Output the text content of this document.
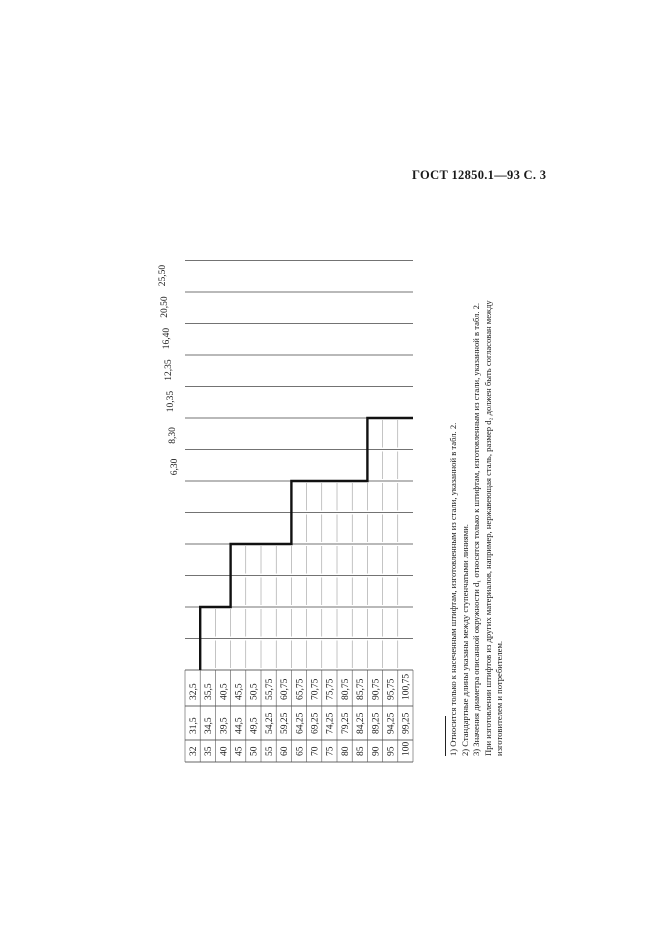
ГОСТ 12850.1—93 С. 3
32
31,5
32,5
35
34,5
35,5
40
39,5
40,5
45
44,5
45,5
50
49,5
50,5
55
54,25
55,75
60
59,25
60,75
65
64,25
65,75
70
69,25
70,75
75
74,25
75,75
80
79,25
80,75
85
84,25
85,75
90
89,25
90,75
95
94,25
95,75
100
99,25
100,75
6,30
8,30
10,35
12,35
16,40
20,50
25,50

1) Относится только к насеченным штифтам, изготовленным из стали, указанной в табл. 2. 2) Стандартные длины указаны между ступенчатыми линиями. 3) Значения диаметра описанной окружности d₁ относятся только к штифтам, изготовленным из стали, указанной в табл. 2. При изготовлении штифтов из других материалов, например, нержавеющая сталь, размер d₂ должен быть согласован между изготовителем и потребителем.
